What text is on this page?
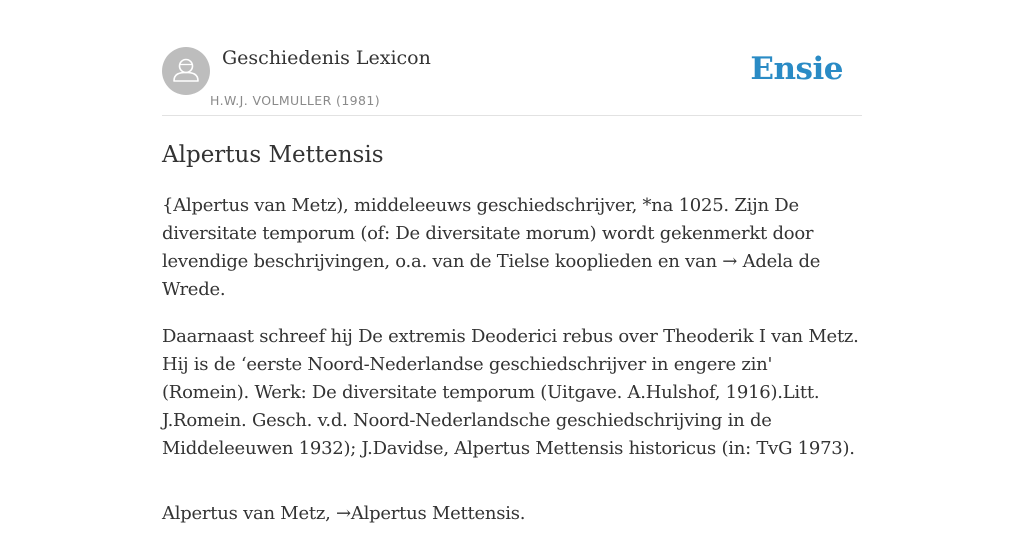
Geschiedenis Lexicon
H.W.J. VOLMULLER (1981)
Ensie
Alpertus Mettensis

{Alpertus van Metz), middeleeuws geschiedschrijver, *na 1025. Zijn De diversitate temporum (of: De diversitate morum) wordt gekenmerkt door levendige beschrijvingen, o.a. van de Tielse kooplieden en van → Adela de Wrede.

Daarnaast schreef hij De extremis Deoderici rebus over Theoderik I van Metz. Hij is de ‘eerste Noord-Nederlandse geschiedschrijver in engere zin' (Romein). Werk: De diversitate temporum (Uitgave. A.Hulshof, 1916).Litt. J.Romein. Gesch. v.d. Noord-Nederlandsche geschiedschrijving in de Middeleeuwen 1932); J.Davidse, Alpertus Mettensis historicus (in: TvG 1973).

Alpertus van Metz, →Alpertus Mettensis.
